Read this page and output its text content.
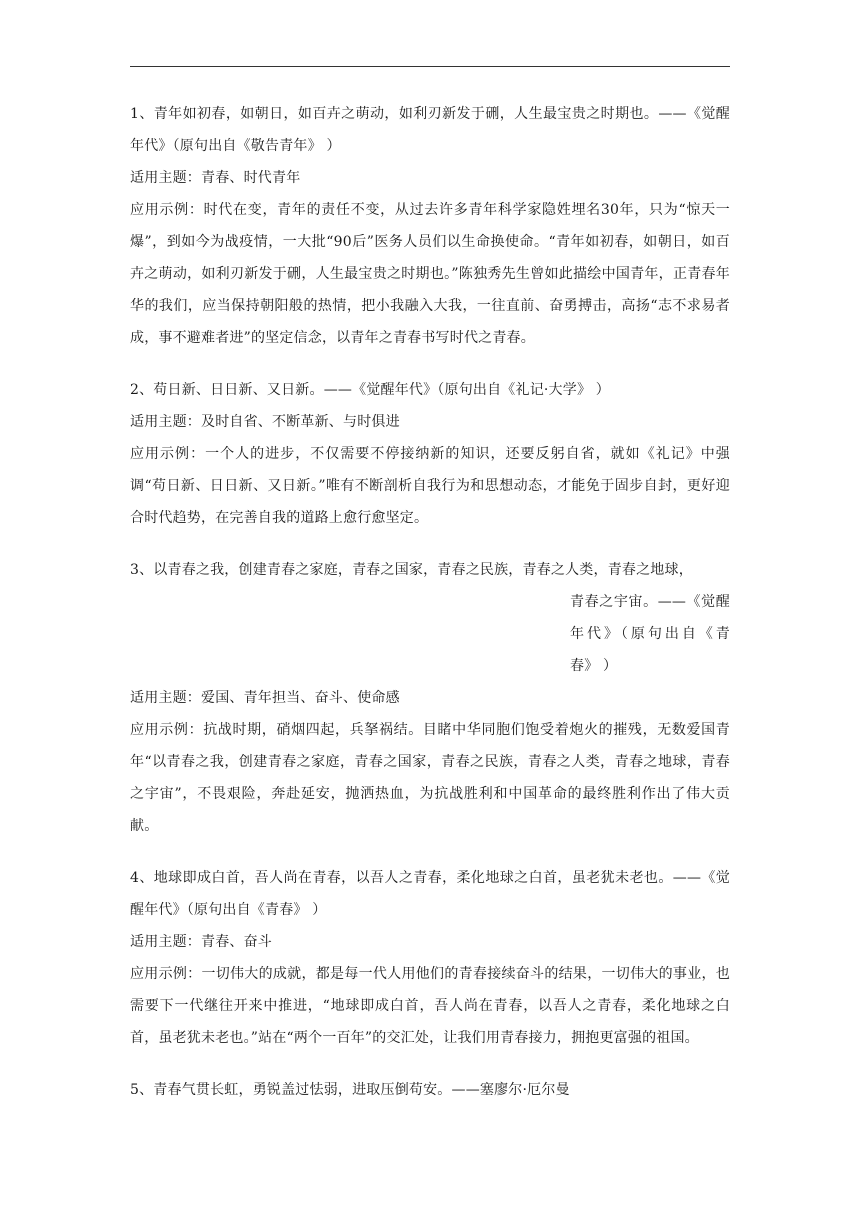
1、青年如初春，如朝日，如百卉之萌动，如利刃新发于硎，人生最宝贵之时期也。——《觉醒年代》（原句出自《敬告青年》 ）

适用主题：青春、时代青年

应用示例：时代在变，青年的责任不变，从过去许多青年科学家隐姓埋名30年，只为“惊天一爆”，到如今为战疫情，一大批“90后”医务人员们以生命换使命。“青年如初春，如朝日，如百卉之萌动，如利刃新发于硎，人生最宝贵之时期也。”陈独秀先生曾如此描绘中国青年，正青春年华的我们，应当保持朝阳般的热情，把小我融入大我，一往直前、奋勇搏击，高扬“志不求易者成，事不避难者进”的坚定信念，以青年之青春书写时代之青春。

2、苟日新、日日新、又日新。——《觉醒年代》（原句出自《礼记·大学》 ）

适用主题：及时自省、不断革新、与时俱进

应用示例：一个人的进步，不仅需要不停接纳新的知识，还要反躬自省，就如《礼记》中强调“苟日新、日日新、又日新。”唯有不断剖析自我行为和思想动态，才能免于固步自封，更好迎合时代趋势，在完善自我的道路上愈行愈坚定。

3、以青春之我，创建青春之家庭，青春之国家，青春之民族，青春之人类，青春之地球，
青春之宇宙。——《觉醒年代》（原句出自《青春》 ）

适用主题：爱国、青年担当、奋斗、使命感

应用示例：抗战时期，硝烟四起，兵拏祸结。目睹中华同胞们饱受着炮火的摧残，无数爱国青年“以青春之我，创建青春之家庭，青春之国家，青春之民族，青春之人类，青春之地球，青春之宇宙”，不畏艰险，奔赴延安，抛洒热血，为抗战胜利和中国革命的最终胜利作出了伟大贡献。

4、地球即成白首，吾人尚在青春，以吾人之青春，柔化地球之白首，虽老犹未老也。——《觉醒年代》（原句出自《青春》 ）

适用主题：青春、奋斗

应用示例：一切伟大的成就，都是每一代人用他们的青春接续奋斗的结果，一切伟大的事业，也需要下一代继往开来中推进，“地球即成白首，吾人尚在青春，以吾人之青春，柔化地球之白首，虽老犹未老也。”站在“两个一百年”的交汇处，让我们用青春接力，拥抱更富强的祖国。

5、青春气贯长虹，勇锐盖过怯弱，进取压倒苟安。——塞廖尔·厄尔曼
